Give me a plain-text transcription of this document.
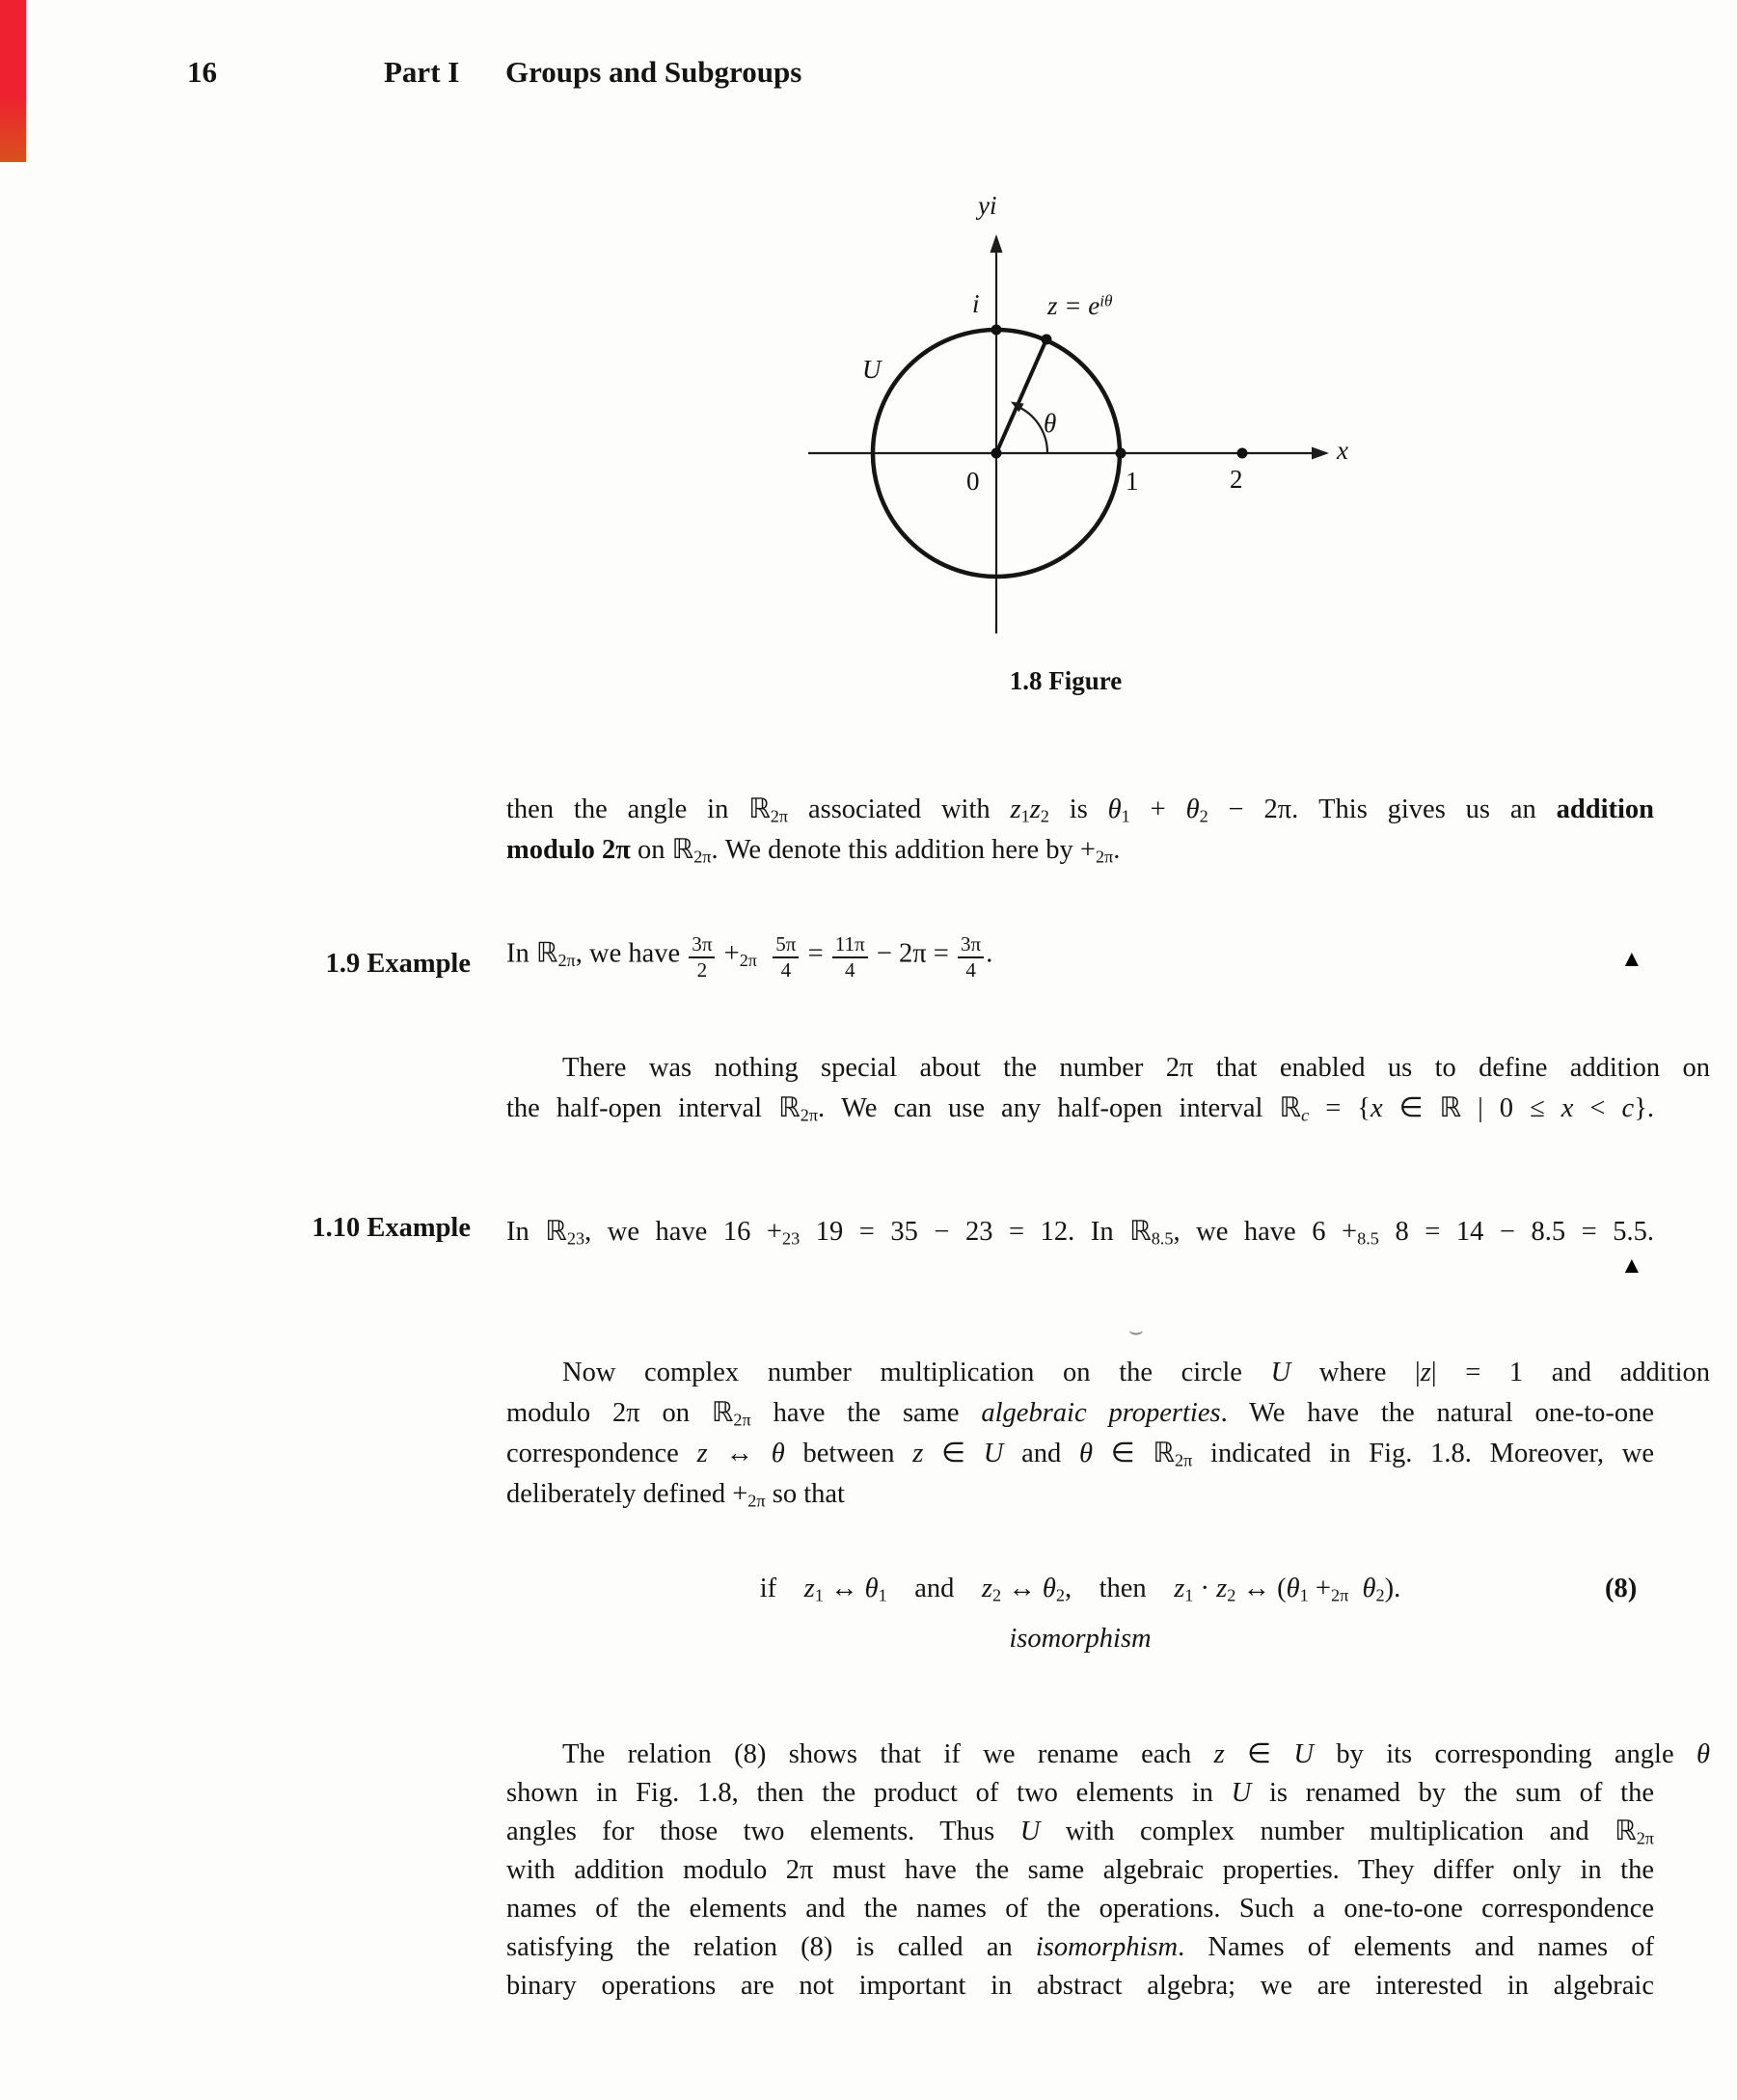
16	Part I Groups and Subgroups
yi
x
i
U
$z = e^{i\theta}$
θ
0	1	2
1.8 Figure
then the angle in ℝ$_{2\pi}$ associated with $z_1z_2$ is $\theta_1 + \theta_2 - 2\pi$. This gives us an addition
modulo 2π on ℝ$_{2\pi}$. We denote this addition here by $+_{2\pi}$.
1.9 Example In ℝ$_{2\pi}$, we have $\frac{3\pi}{2} +_{2\pi}$  $\frac{5\pi}{4} = \frac{11\pi}{4} - 2\pi = \frac{3\pi}{4}$ .	▲
There was nothing special about the number 2π that enabled us to define addition on
the half-open interval ℝ$_{2\pi}$. We can use any half-open interval ℝ$_c$ = {x ∈ ℝ | 0 ≤ x < c}.
1.10 Example In ℝ$_{23}$, we have $16 +_{23}$ 19 = 35 − 23 = 12. In ℝ$_{8.5}$, we have $6 +_{8.5}$ 8 = 14 − 8.5 = 5.5.
▲
⌣
Now complex number multiplication on the circle U where |z| = 1 and addition
modulo 2π on ℝ$_{2\pi}$ have the same algebraic properties. We have the natural one-to-one
correspondence z ↔ θ between z ∈ U and θ ∈ ℝ$_{2\pi}$ indicated in Fig. 1.8. Moreover, we
deliberately defined $+_{2\pi}$ so that
if  $z_1$ ↔ $\theta_1$  and  $z_2$ ↔ $\theta_2$,  then  $z_1 \cdot z_2$ ↔ ($\theta_1 +_{2\pi}$  $\theta_2$).	(8)
isomorphism
The relation (8) shows that if we rename each z ∈ U by its corresponding angle θ
shown in Fig. 1.8, then the product of two elements in U is renamed by the sum of the
angles for those two elements. Thus U with complex number multiplication and ℝ$_{2\pi}$
with addition modulo 2π must have the same algebraic properties. They differ only in the
names of the elements and the names of the operations. Such a one-to-one correspondence
satisfying the relation (8) is called an isomorphism. Names of elements and names of
binary operations are not important in abstract algebra; we are interested in algebraic
